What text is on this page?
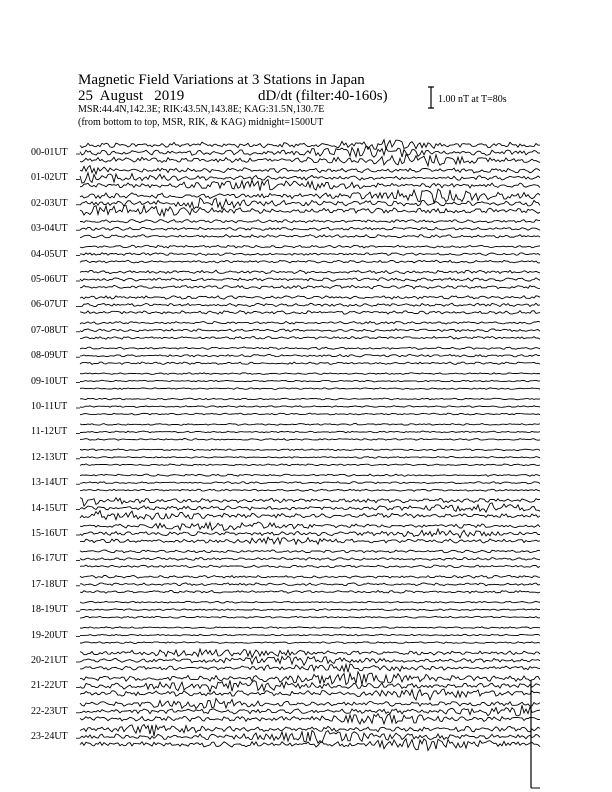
Magnetic Field Variations at 3 Stations in Japan
25  August   2019	dD/dt (filter:40-160s)
MSR:44.4N,142.3E; RIK:43.5N,143.8E; KAG:31.5N,130.7E
(from bottom to top, MSR, RIK, & KAG) midnight=1500UT
1.00 nT at T=80s
00-01UT
01-02UT
02-03UT
03-04UT
04-05UT
05-06UT
06-07UT
07-08UT
08-09UT
09-10UT
10-11UT
11-12UT
12-13UT
13-14UT
14-15UT
15-16UT
16-17UT
17-18UT
18-19UT
19-20UT
20-21UT
21-22UT
22-23UT
23-24UT
